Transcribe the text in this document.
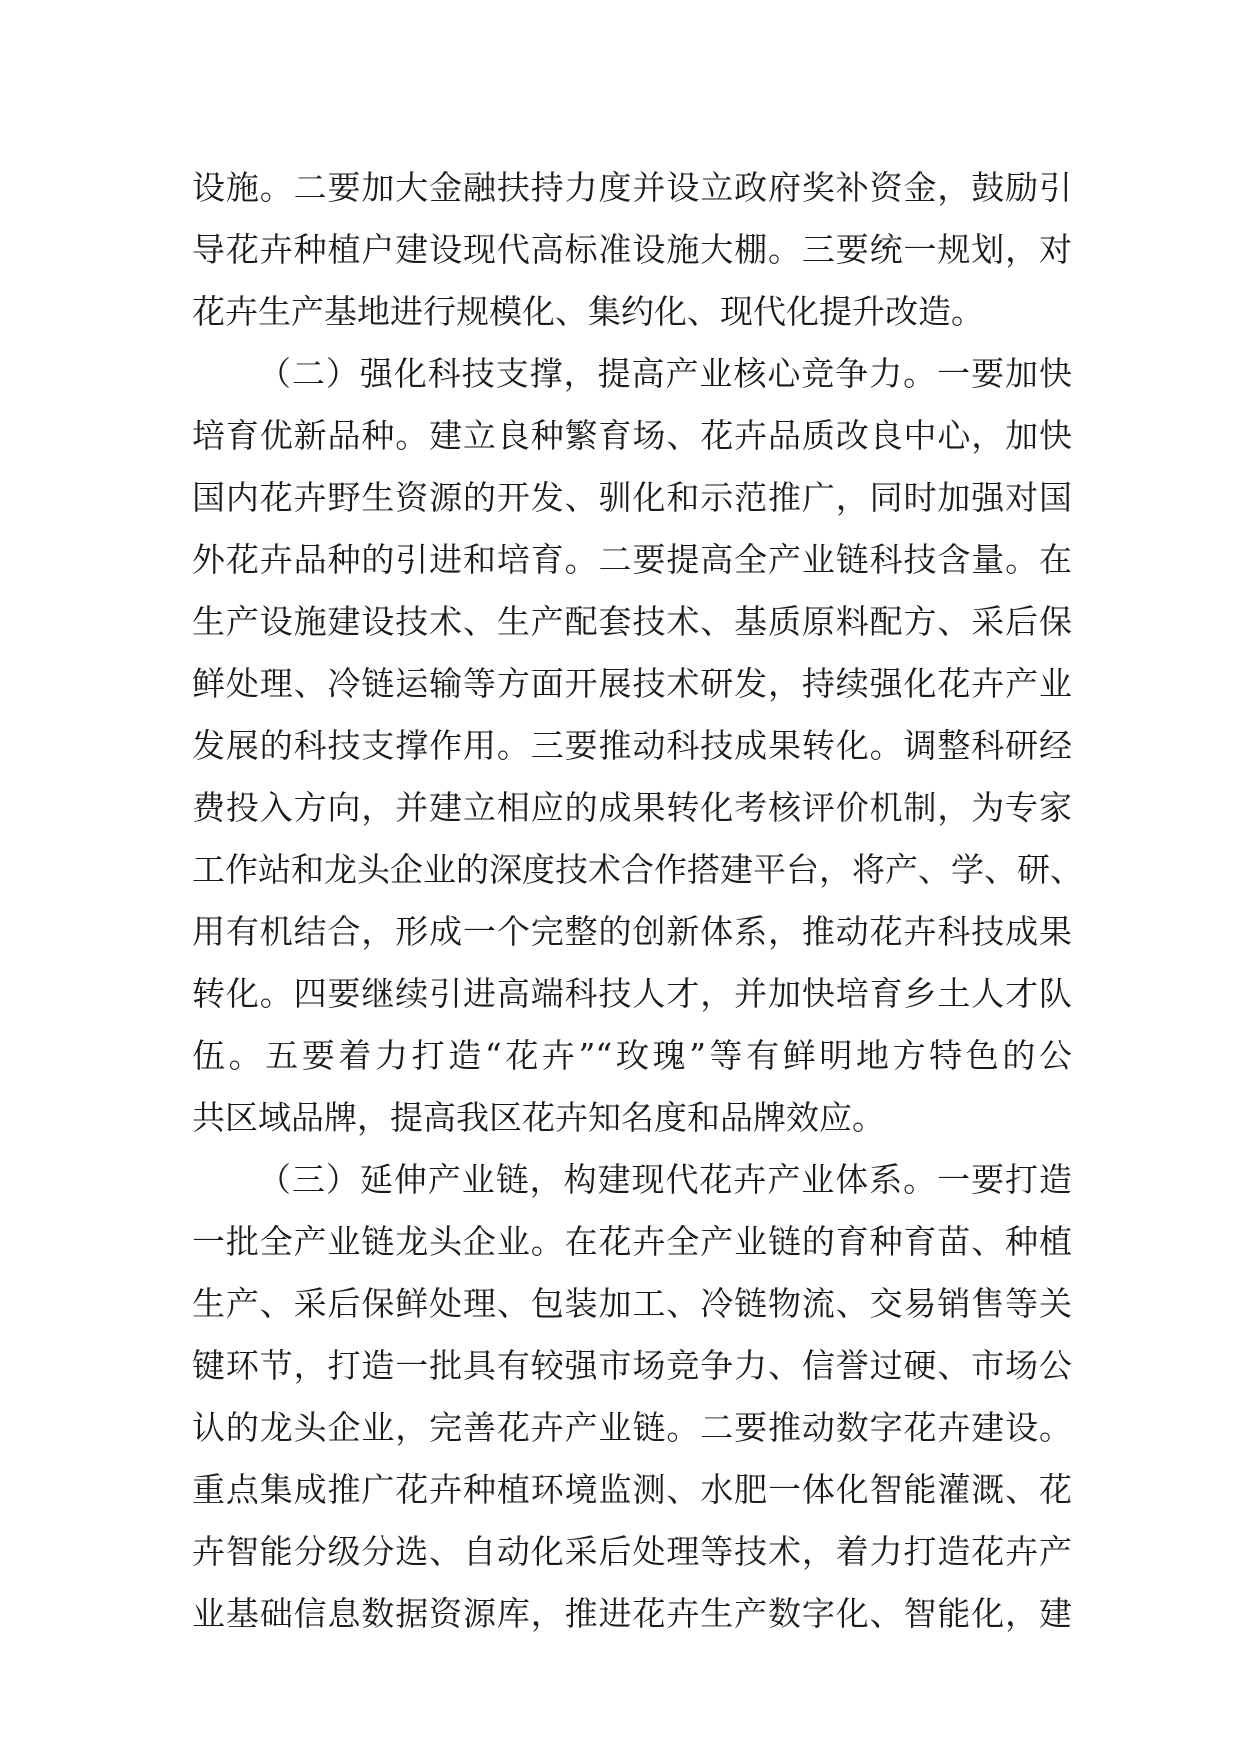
设施。二要加大金融扶持力度并设立政府奖补资金，鼓励引
导花卉种植户建设现代高标准设施大棚。三要统一规划，对
花卉生产基地进行规模化、集约化、现代化提升改造。
（二）强化科技支撑，提高产业核心竞争力。一要加快
培育优新品种。建立良种繁育场、花卉品质改良中心，加快
国内花卉野生资源的开发、驯化和示范推广，同时加强对国
外花卉品种的引进和培育。二要提高全产业链科技含量。在
生产设施建设技术、生产配套技术、基质原料配方、采后保
鲜处理、冷链运输等方面开展技术研发，持续强化花卉产业
发展的科技支撑作用。三要推动科技成果转化。调整科研经
费投入方向，并建立相应的成果转化考核评价机制，为专家
工作站和龙头企业的深度技术合作搭建平台，将产、学、研、
用有机结合，形成一个完整的创新体系，推动花卉科技成果
转化。四要继续引进高端科技人才，并加快培育乡土人才队
伍。五要着力打造“花卉”“玫瑰”等有鲜明地方特色的公
共区域品牌，提高我区花卉知名度和品牌效应。
（三）延伸产业链，构建现代花卉产业体系。一要打造
一批全产业链龙头企业。在花卉全产业链的育种育苗、种植
生产、采后保鲜处理、包装加工、冷链物流、交易销售等关
键环节，打造一批具有较强市场竞争力、信誉过硬、市场公
认的龙头企业，完善花卉产业链。二要推动数字花卉建设。
重点集成推广花卉种植环境监测、水肥一体化智能灌溉、花
卉智能分级分选、自动化采后处理等技术，着力打造花卉产
业基础信息数据资源库，推进花卉生产数字化、智能化，建
